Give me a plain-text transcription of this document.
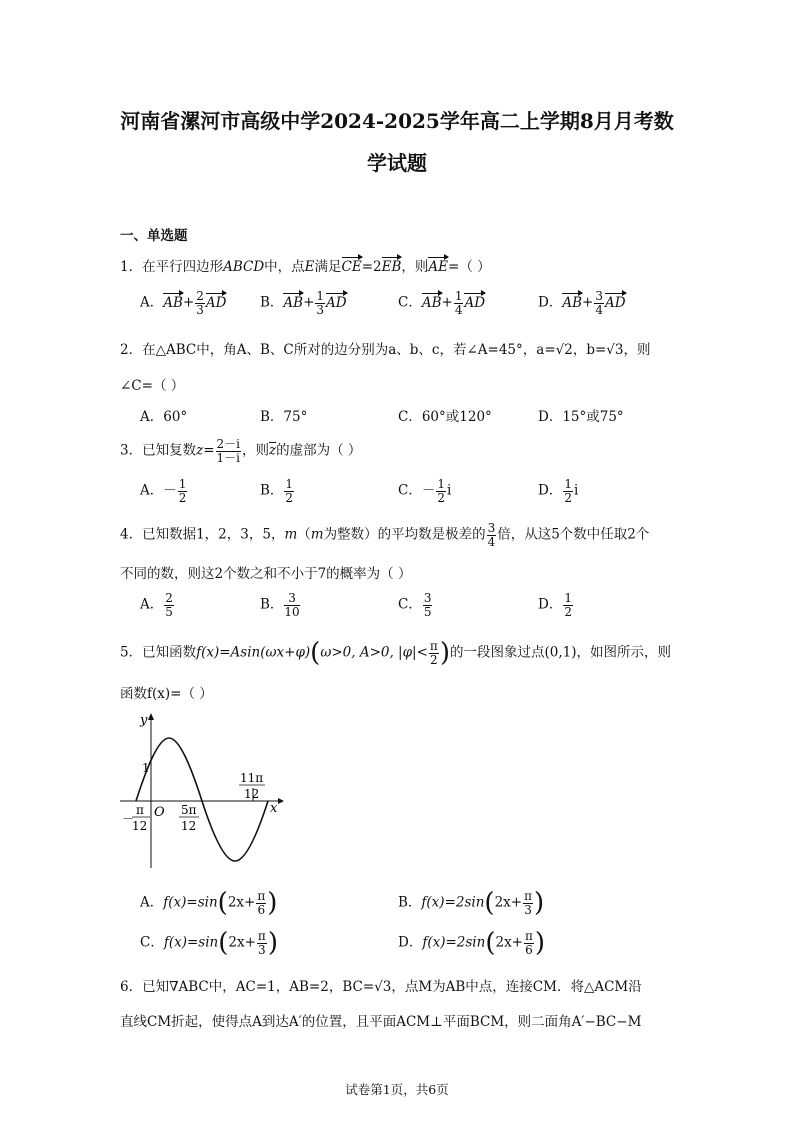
河南省漯河市高级中学2024-2025学年高二上学期8月月考数
学试题
一、单选题
1．在平行四边形ABCD中，点E满足CE=2EB，则AE=（ ）
A．$AB+ \frac{2}{3}$ AD B．$AB+ \frac{1}{3}$ AD	C．$AB+ \frac{1}{4}$ AD	D．$AB+ \frac{3}{4}$ AD
2．在△ABC中，角A、B、C所对的边分别为a、b、c，若∠A=45°，a=√2，b=√3，则
∠C=（ ）
A．60°	B．75°	C．60°或120°	D．15°或75°
3．已知复数$z= \frac{2-i}{1-i}$ ，则$\overline{z}$的虚部为（ ）
A．－ $\frac{1}{2}$	B． $\frac{1}{2}$	C．－ $\frac{1}{2}$ i	D． $\frac{1}{2}$ i
4．已知数据1，2，3，5，m（m为整数）的平均数是极差的 $\frac{3}{4}$ 倍，从这5个数中任取2个
不同的数，则这2个数之和不小于7的概率为（ ）
A． $\frac{2}{5}$	B． $\frac{3}{10}$	C． $\frac{3}{5}$	D． $\frac{1}{2}$
5．已知函数f(x)=Asin(ωx+φ)(ω>0, A>0, $|\varphi|< \frac{\pi}{2}$ )的一段图象过点(0,1)，如图所示，则
函数f(x)=（ ）
y
x
O
1
－
π
12
5π
12
11π
12
A．$f(x)=\sin(2x+ \frac{\pi}{6}$ )	B．$f(x)=2\sin(2x+ \frac{\pi}{3}$ )
C．$f(x)=\sin(2x+ \frac{\pi}{3}$ )	D．$f(x)=2\sin(2x+ \frac{\pi}{6}$ )
6．已知∇ABC中，AC=1，AB=2，BC=√3，点M为AB中点，连接CM．将△ACM沿
直线CM折起，使得点A到达A′的位置，且平面ACM⊥平面BCM，则二面角A′−BC−M
试卷第1页，共6页
